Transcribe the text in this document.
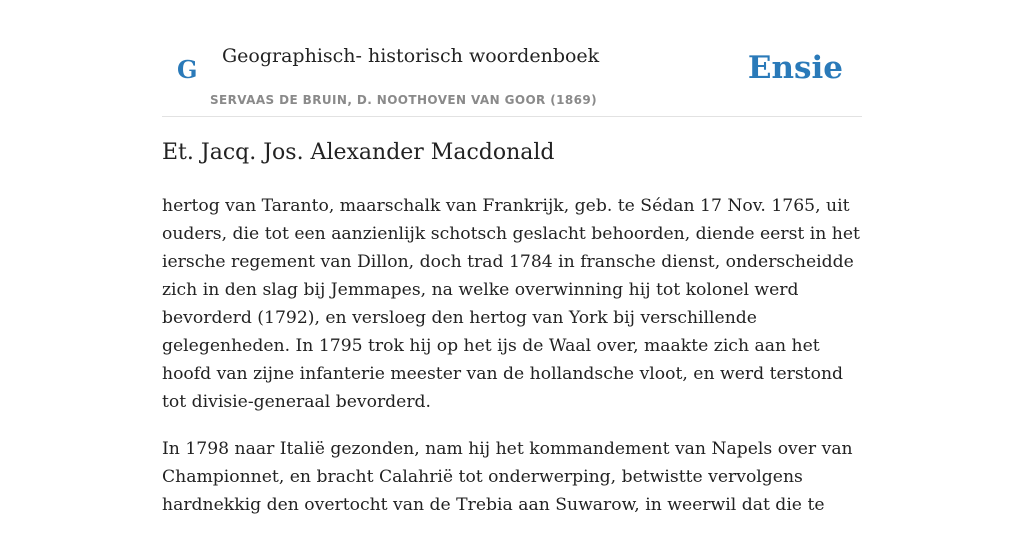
G Geographisch- historisch woordenboek
SERVAAS DE BRUIN, D. NOOTHOVEN VAN GOOR (1869)
Ensie
Et. Jacq. Jos. Alexander Macdonald

hertog van Taranto, maarschalk van Frankrijk, geb. te Sédan 17 Nov. 1765, uit ouders, die tot een aanzienlijk schotsch geslacht behoorden, diende eerst in het iersche regement van Dillon, doch trad 1784 in fransche dienst, onderscheidde zich in den slag bij Jemmapes, na welke overwinning hij tot kolonel werd bevorderd (1792), en versloeg den hertog van York bij verschillende gelegenheden. In 1795 trok hij op het ijs de Waal over, maakte zich aan het hoofd van zijne infanterie meester van de hollandsche vloot, en werd terstond tot divisie-generaal bevorderd.

In 1798 naar Italië gezonden, nam hij het kommandement van Napels over van Championnet, en bracht Calahrië tot onderwerping, betwistte vervolgens hardnekkig den overtocht van de Trebia aan Suwarow, in weerwil dat die te
